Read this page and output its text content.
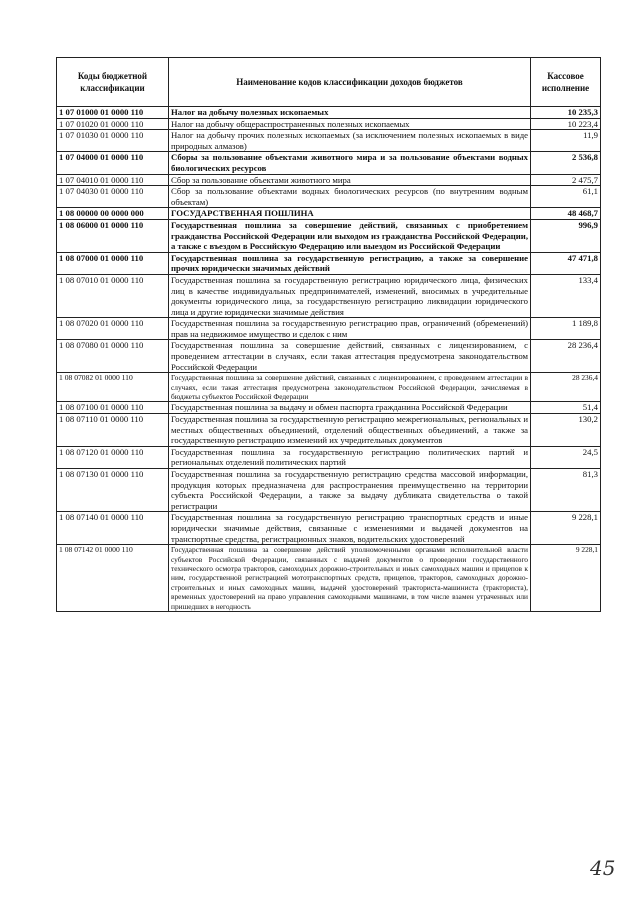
Коды бюджетной классификации	Наименование кодов классификации доходов бюджетов	Кассовое исполнение
1 07 01000 01 0000 110	Налог на добычу полезных ископаемых	10 235,3
1 07 01020 01 0000 110	Налог на добычу общераспространенных полезных ископаемых	10 223,4
1 07 01030 01 0000 110	Налог на добычу прочих полезных ископаемых (за исключением полезных ископаемых в виде природных алмазов)	11,9
1 07 04000 01 0000 110	Сборы за пользование объектами животного мира и за пользование объектами водных биологических ресурсов	2 536,8
1 07 04010 01 0000 110	Сбор за пользование объектами животного мира	2 475,7
1 07 04030 01 0000 110	Сбор за пользование объектами водных биологических ресурсов (по внутренним водным объектам)	61,1
1 08 00000 00 0000 000	ГОСУДАРСТВЕННАЯ ПОШЛИНА	48 468,7
1 08 06000 01 0000 110	Государственная пошлина за совершение действий, связанных с приобретением гражданства Российской Федерации или выходом из гражданства Российской Федерации, а также с въездом в Российскую Федерацию или выездом из Российской Федерации	996,9
1 08 07000 01 0000 110	Государственная пошлина за государственную регистрацию, а также за совершение прочих юридически значимых действий	47 471,8
1 08 07010 01 0000 110	Государственная пошлина за государственную регистрацию юридического лица, физических лиц в качестве индивидуальных предпринимателей, изменений, вносимых в учредительные документы юридического лица, за государственную регистрацию ликвидации юридического лица и другие юридически значимые действия	133,4
1 08 07020 01 0000 110	Государственная пошлина за государственную регистрацию прав, ограничений (обременений) прав на недвижимое имущество и сделок с ним	1 189,8
1 08 07080 01 0000 110	Государственная пошлина за совершение действий, связанных с лицензированием, с проведением аттестации в случаях, если такая аттестация предусмотрена законодательством Российской Федерации	28 236,4
1 08 07082 01 0000 110	Государственная пошлина за совершение действий, связанных с лицензированием, с проведением аттестации в случаях, если такая аттестация предусмотрена законодательством Российской Федерации, зачисляемая в бюджеты субъектов Российской Федерации	28 236,4
1 08 07100 01 0000 110	Государственная пошлина за выдачу и обмен паспорта гражданина Российской Федерации	51,4
1 08 07110 01 0000 110	Государственная пошлина за государственную регистрацию межрегиональных, региональных и местных общественных объединений, отделений общественных объединений, а также за государственную регистрацию изменений их учредительных документов	130,2
1 08 07120 01 0000 110	Государственная пошлина за государственную регистрацию политических партий и региональных отделений политических партий	24,5
1 08 07130 01 0000 110	Государственная пошлина за государственную регистрацию средства массовой информации, продукция которых предназначена для распространения преимущественно на территории субъекта Российской Федерации, а также за выдачу дубликата свидетельства о такой регистрации	81,3
1 08 07140 01 0000 110	Государственная пошлина за государственную регистрацию транспортных средств и иные юридически значимые действия, связанные с изменениями и выдачей документов на транспортные средства, регистрационных знаков, водительских удостоверений	9 228,1
1 08 07142 01 0000 110	Государственная пошлина за совершение действий уполномоченными органами исполнительной власти субъектов Российской Федерации, связанных с выдачей документов о проведении государственного технического осмотра тракторов, самоходных дорожно-строительных и иных самоходных машин и прицепов к ним, государственной регистрацией мототранспортных средств, прицепов, тракторов, самоходных дорожно-строительных и иных самоходных машин, выдачей удостоверений тракториста-машиниста (тракториста), временных удостоверений на право управления самоходными машинами, в том числе взамен утраченных или пришедших в негодность	9 228,1
45
